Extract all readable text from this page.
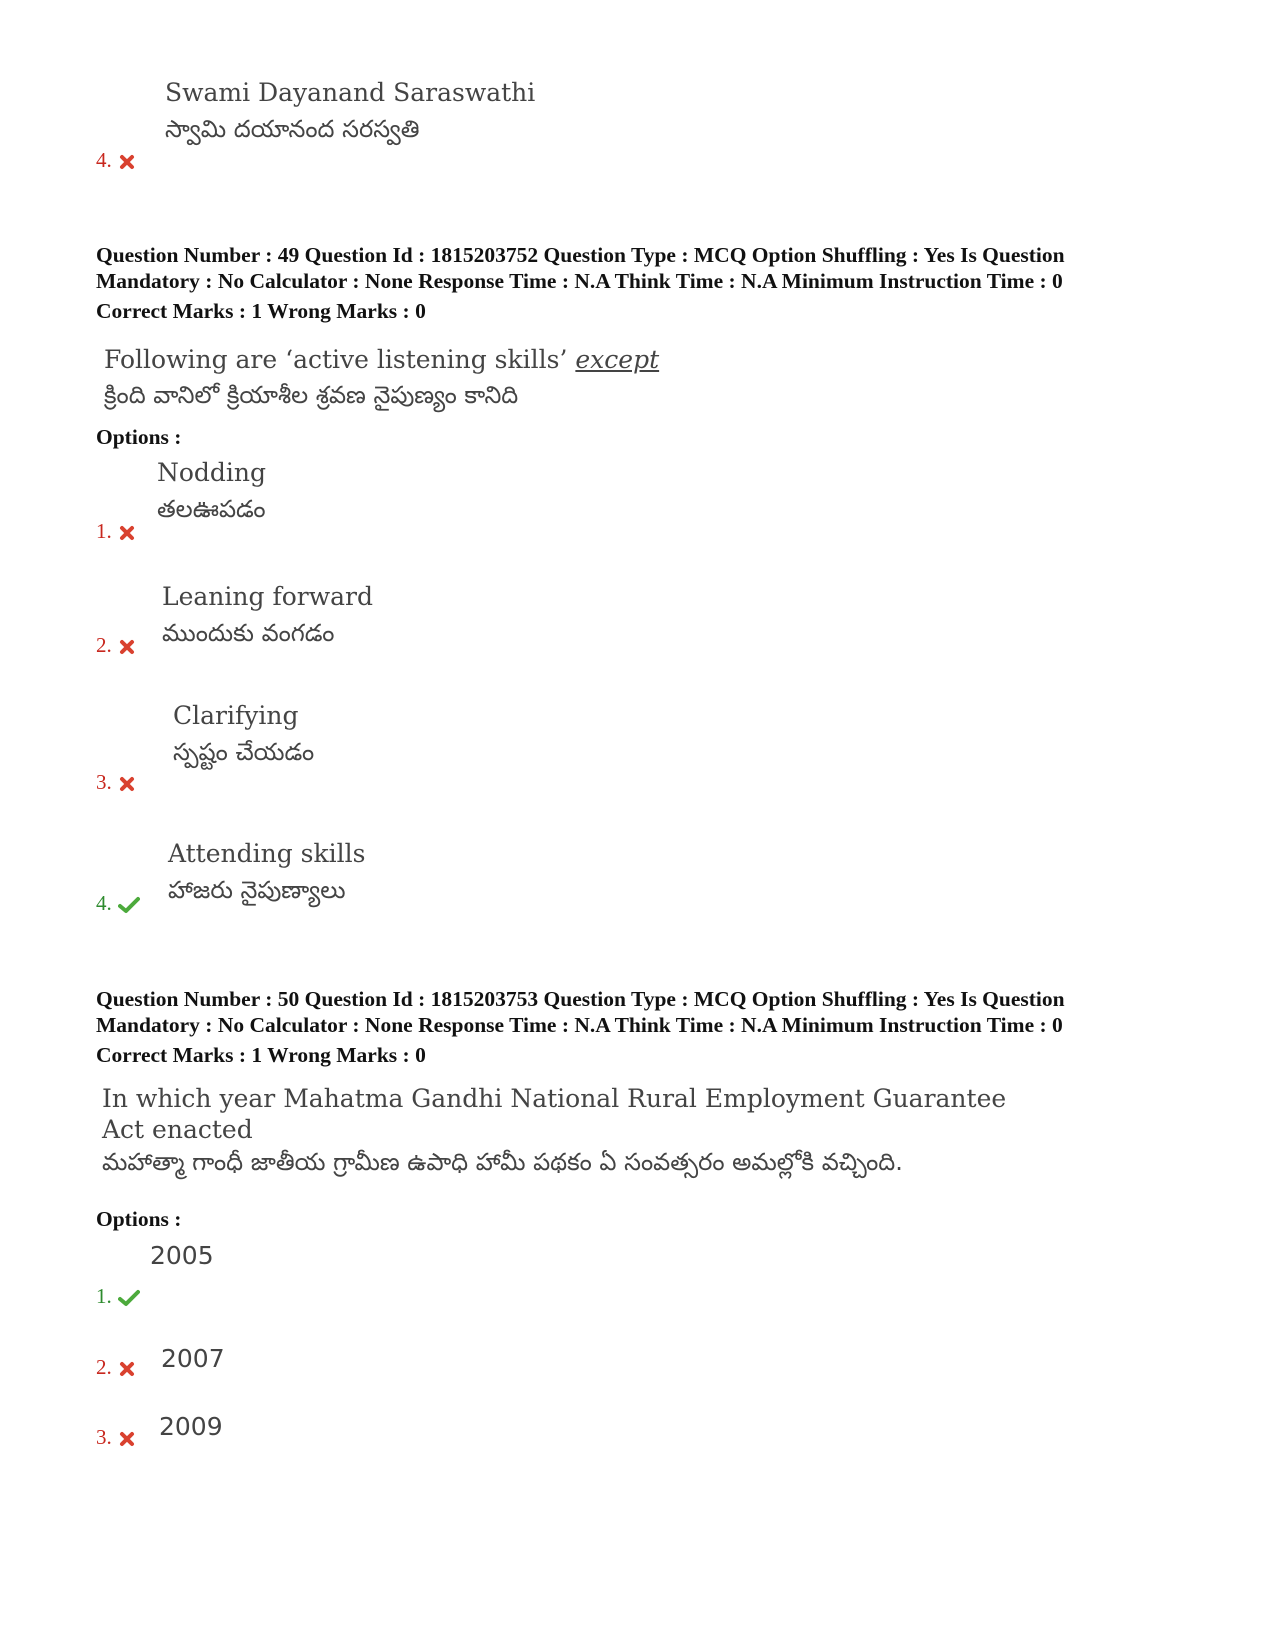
Swami Dayanand Saraswathi
స్వామి దయానంద సరస్వతి
4.
Question Number : 49 Question Id : 1815203752 Question Type : MCQ Option Shuffling : Yes Is Question
Mandatory : No Calculator : None Response Time : N.A Think Time : N.A Minimum Instruction Time : 0
Correct Marks : 1 Wrong Marks : 0
Following are ‘active listening skills’ except
క్రింది వానిలో క్రియాశీల శ్రవణ నైపుణ్యం కానిది
Options :
Nodding
తలఊపడం
1.
Leaning forward
ముందుకు వంగడం
2.
Clarifying
స్పష్టం చేయడం
3.
Attending skills
హాజరు నైపుణ్యాలు
4.
Question Number : 50 Question Id : 1815203753 Question Type : MCQ Option Shuffling : Yes Is Question
Mandatory : No Calculator : None Response Time : N.A Think Time : N.A Minimum Instruction Time : 0
Correct Marks : 1 Wrong Marks : 0
In which year Mahatma Gandhi National Rural Employment Guarantee
Act enacted
మహాత్మా గాంధీ జాతీయ గ్రామీణ ఉపాధి హామీ పథకం ఏ సంవత్సరం అమల్లోకి వచ్చింది.
Options :
2005
1.
2007
2.
2009
3.
